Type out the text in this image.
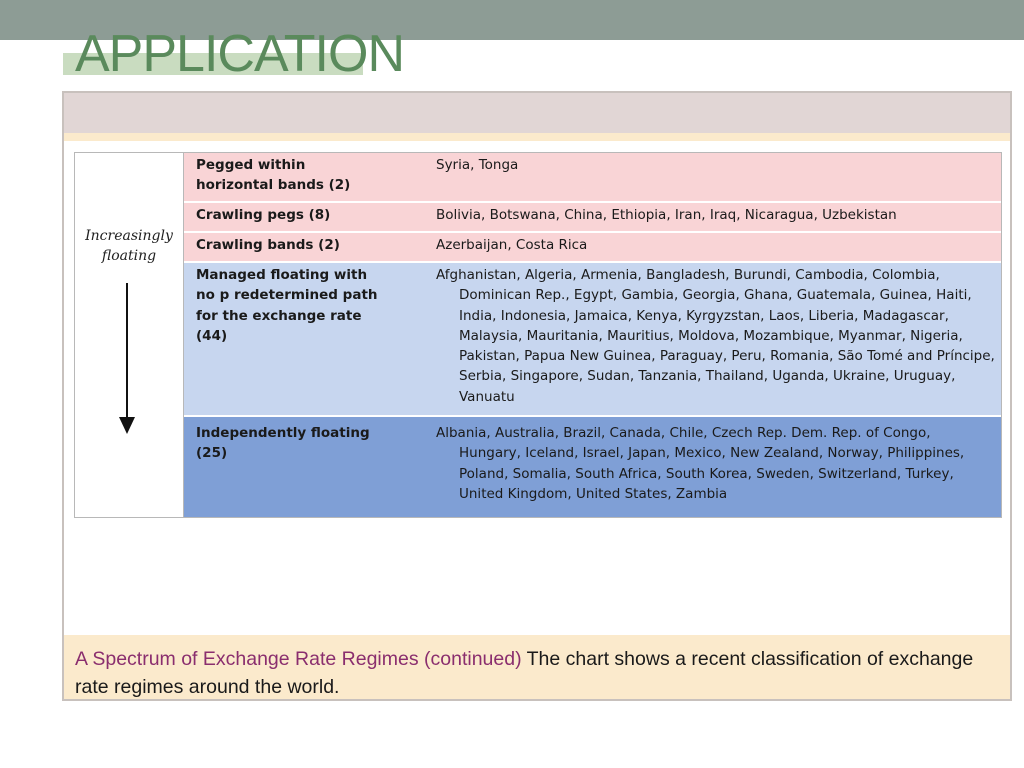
APPLICATION
Increasingly floating
Pegged within
horizontal bands (2)
Syria, Tonga
Crawling pegs (8)	Bolivia, Botswana, China, Ethiopia, Iran, Iraq, Nicaragua, Uzbekistan
Crawling bands (2)	Azerbaijan, Costa Rica
Managed floating with
no p redetermined path
for the exchange rate
(44)
Afghanistan, Algeria, Armenia, Bangladesh, Burundi, Cambodia, Colombia, Dominican Rep., Egypt, Gambia, Georgia, Ghana, Guatemala, Guinea, Haiti, India, Indonesia, Jamaica, Kenya, Kyrgyzstan, Laos, Liberia, Madagascar, Malaysia, Mauritania, Mauritius, Moldova, Mozambique, Myanmar, Nigeria, Pakistan, Papua New Guinea, Paraguay, Peru, Romania, São Tomé and Príncipe, Serbia, Singapore, Sudan, Tanzania, Thailand, Uganda, Ukraine, Uruguay, Vanuatu
Independently floating
(25)
Albania, Australia, Brazil, Canada, Chile, Czech Rep. Dem. Rep. of Congo, Hungary, Iceland, Israel, Japan, Mexico, New Zealand, Norway, Philippines, Poland, Somalia, South Africa, South Korea, Sweden, Switzerland, Turkey, United Kingdom, United States, Zambia
A Spectrum of Exchange Rate Regimes (continued) The chart shows a recent classification of exchange rate regimes around the world.
